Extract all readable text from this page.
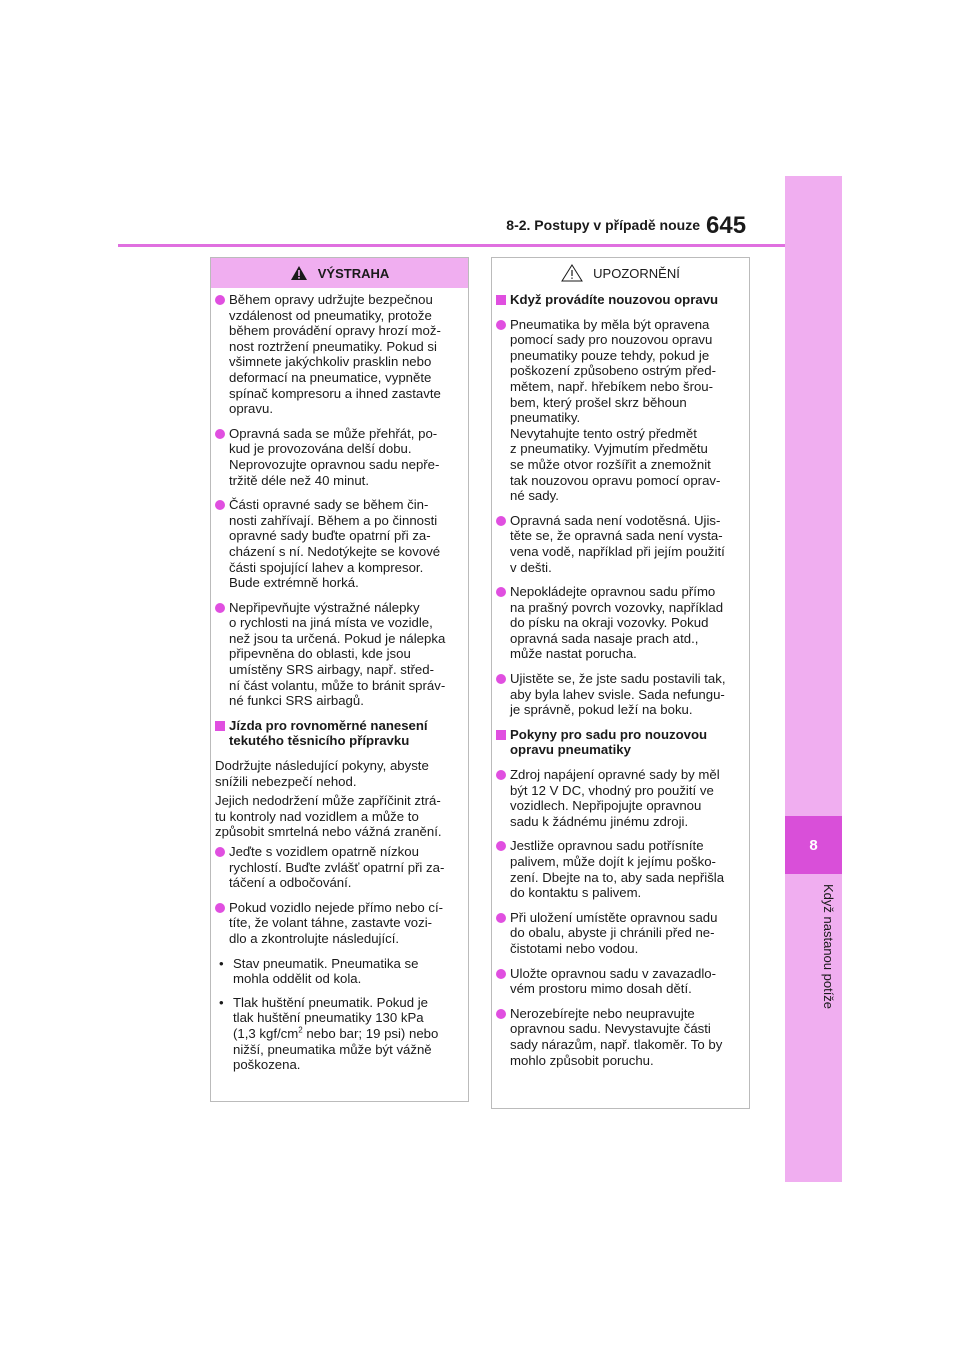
8-2. Postupy v případě nouze 645
8
Když nastanou potíže
VÝSTRAHA
Během opravy udržujte bezpečnou
vzdálenost od pneumatiky, protože
během provádění opravy hrozí mož-
nost roztržení pneumatiky. Pokud si
všimnete jakýchkoliv prasklin nebo
deformací na pneumatice, vypněte
spínač kompresoru a ihned zastavte
opravu.
Opravná sada se může přehřát, po-
kud je provozována delší dobu.
Neprovozujte opravnou sadu nepře-
tržitě déle než 40 minut.
Části opravné sady se během čin-
nosti zahřívají. Během a po činnosti
opravné sady buďte opatrní při za-
cházení s ní. Nedotýkejte se kovové
části spojující lahev a kompresor.
Bude extrémně horká.
Nepřipevňujte výstražné nálepky
o rychlosti na jiná místa ve vozidle,
než jsou ta určená. Pokud je nálepka
připevněna do oblasti, kde jsou
umístěny SRS airbagy, např. střed-
ní část volantu, může to bránit správ-
né funkci SRS airbagů.
Jízda pro rovnoměrné nanesení
tekutého těsnicího přípravku
Dodržujte následující pokyny, abyste
snížili nebezpečí nehod.
Jejich nedodržení může zapříčinit ztrá-
tu kontroly nad vozidlem a může to
způsobit smrtelná nebo vážná zranění.
Jeďte s vozidlem opatrně nízkou
rychlostí. Buďte zvlášť opatrní při za-
táčení a odbočování.
Pokud vozidlo nejede přímo nebo cí-
títe, že volant táhne, zastavte vozi-
dlo a zkontrolujte následující.
• Stav pneumatik. Pneumatika se
mohla oddělit od kola.
• Tlak huštění pneumatik. Pokud je
tlak huštění pneumatiky 130 kPa
(1,3 kgf/$cm^2$ nebo bar; 19 psi) nebo
nižší, pneumatika může být vážně
poškozena.
UPOZORNĚNÍ
Když provádíte nouzovou opravu
Pneumatika by měla být opravena
pomocí sady pro nouzovou opravu
pneumatiky pouze tehdy, pokud je
poškození způsobeno ostrým před-
mětem, např. hřebíkem nebo šrou-
bem, který prošel skrz běhoun
pneumatiky.
Nevytahujte tento ostrý předmět
z pneumatiky. Vyjmutím předmětu
se může otvor rozšířit a znemožnit
tak nouzovou opravu pomocí oprav-
né sady.
Opravná sada není vodotěsná. Ujis-
těte se, že opravná sada není vysta-
vena vodě, například při jejím použití
v dešti.
Nepokládejte opravnou sadu přímo
na prašný povrch vozovky, například
do písku na okraji vozovky. Pokud
opravná sada nasaje prach atd.,
může nastat porucha.
Ujistěte se, že jste sadu postavili tak,
aby byla lahev svisle. Sada nefungu-
je správně, pokud leží na boku.
Pokyny pro sadu pro nouzovou
opravu pneumatiky
Zdroj napájení opravné sady by měl
být 12 V DC, vhodný pro použití ve
vozidlech. Nepřipojujte opravnou
sadu k žádnému jinému zdroji.
Jestliže opravnou sadu potřísníte
palivem, může dojít k jejímu poško-
zení. Dbejte na to, aby sada nepřišla
do kontaktu s palivem.
Při uložení umístěte opravnou sadu
do obalu, abyste ji chránili před ne-
čistotami nebo vodou.
Uložte opravnou sadu v zavazadlo-
vém prostoru mimo dosah dětí.
Nerozebírejte nebo neupravujte
opravnou sadu. Nevystavujte části
sady nárazům, např. tlakoměr. To by
mohlo způsobit poruchu.
